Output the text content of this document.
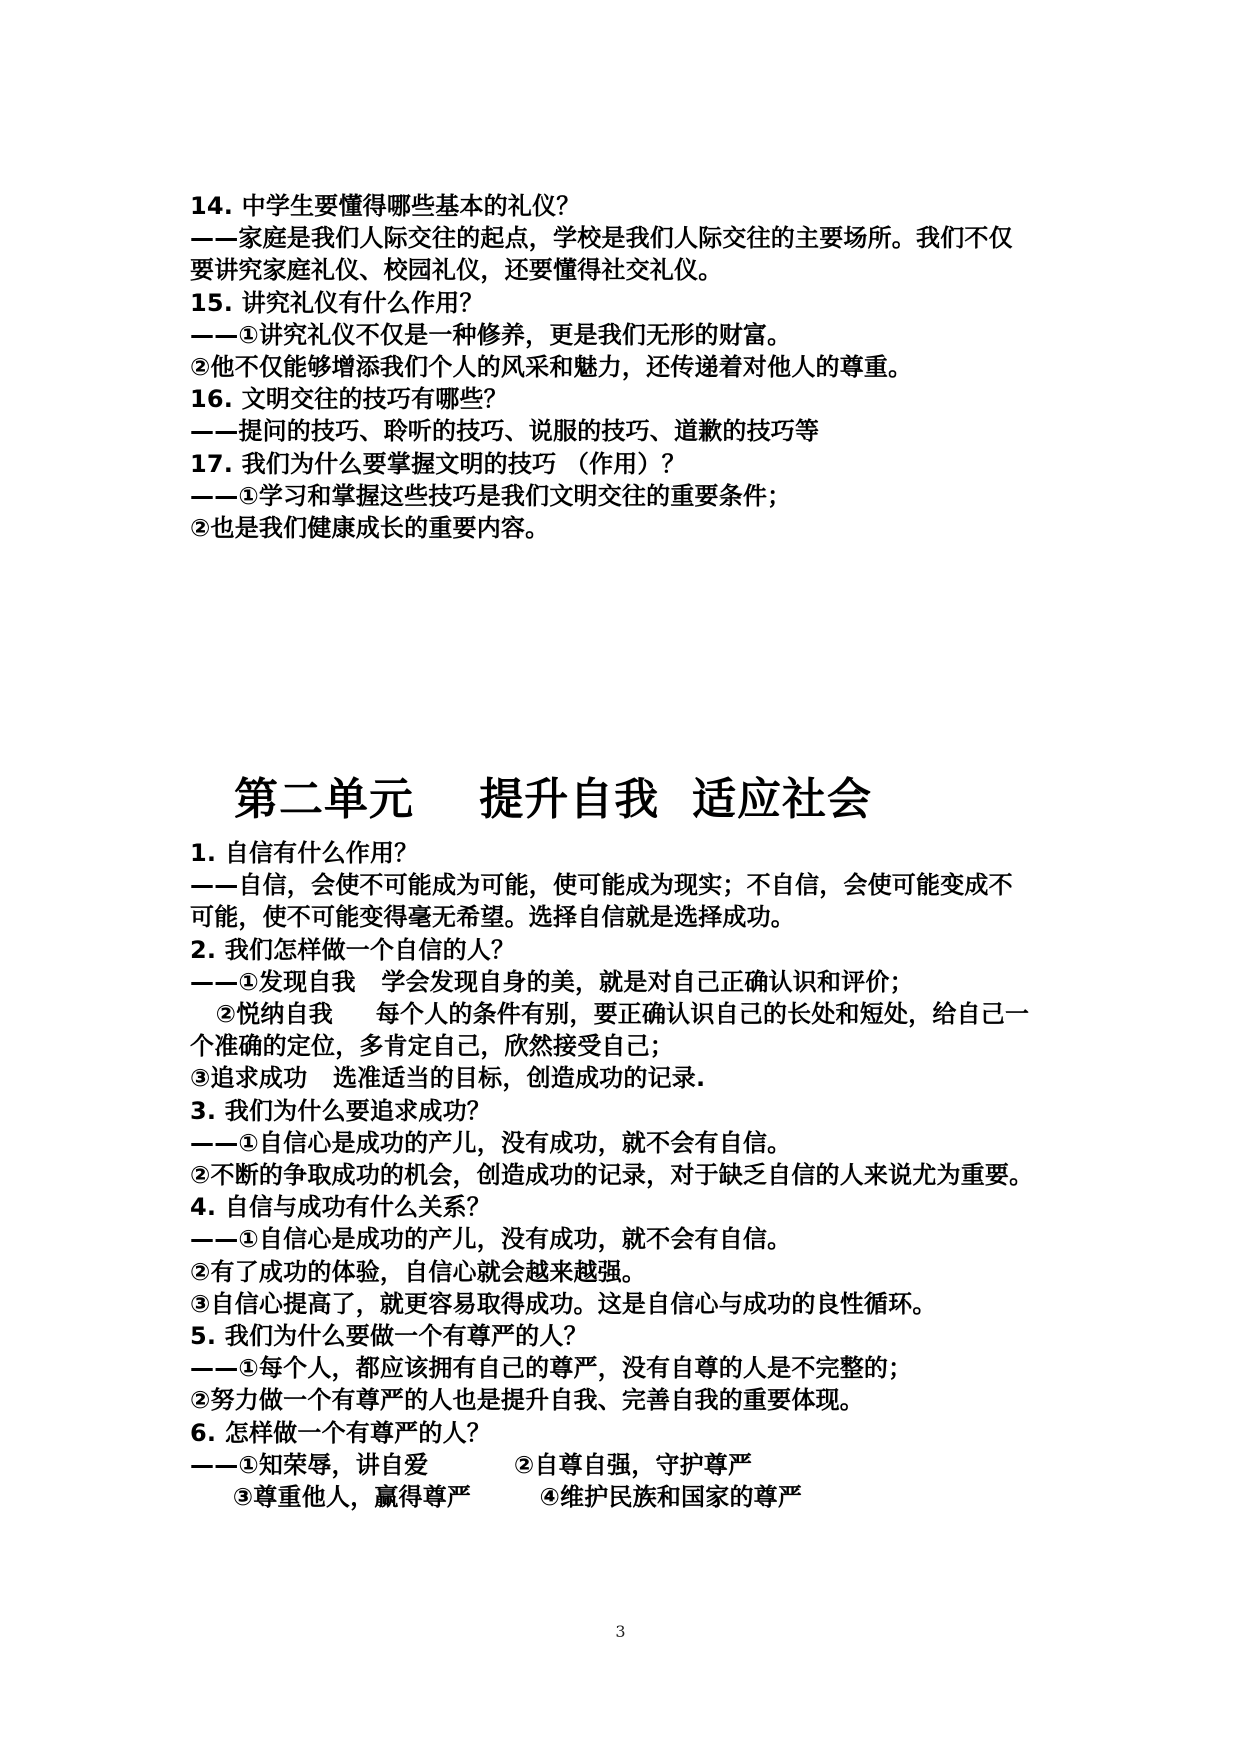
14. 中学生要懂得哪些基本的礼仪？
——家庭是我们人际交往的起点，学校是我们人际交往的主要场所。我们不仅
要讲究家庭礼仪、校园礼仪，还要懂得社交礼仪。
15. 讲究礼仪有什么作用？
——①讲究礼仪不仅是一种修养，更是我们无形的财富。
②他不仅能够增添我们个人的风采和魅力，还传递着对他人的尊重。
16. 文明交往的技巧有哪些？
——提问的技巧、聆听的技巧、说服的技巧、道歉的技巧等
17. 我们为什么要掌握文明的技巧 （作用）？
——①学习和掌握这些技巧是我们文明交往的重要条件；
②也是我们健康成长的重要内容。
第二单元    提升自我  适应社会
1. 自信有什么作用？
——自信，会使不可能成为可能，使可能成为现实；不自信，会使可能变成不
可能，使不可能变得毫无希望。选择自信就是选择成功。
2. 我们怎样做一个自信的人？
——①发现自我   学会发现自身的美，就是对自己正确认识和评价；
②悦纳自我     每个人的条件有别，要正确认识自己的长处和短处，给自己一
个准确的定位，多肯定自己，欣然接受自己；
③追求成功   选准适当的目标，创造成功的记录.
3. 我们为什么要追求成功？
——①自信心是成功的产儿，没有成功，就不会有自信。
②不断的争取成功的机会，创造成功的记录，对于缺乏自信的人来说尤为重要。
4. 自信与成功有什么关系？
——①自信心是成功的产儿，没有成功，就不会有自信。
②有了成功的体验，自信心就会越来越强。
③自信心提高了，就更容易取得成功。这是自信心与成功的良性循环。
5. 我们为什么要做一个有尊严的人？
——①每个人，都应该拥有自己的尊严，没有自尊的人是不完整的；
②努力做一个有尊严的人也是提升自我、完善自我的重要体现。
6. 怎样做一个有尊严的人？
——①知荣辱，讲自爱          ②自尊自强，守护尊严
③尊重他人，赢得尊严        ④维护民族和国家的尊严
3
